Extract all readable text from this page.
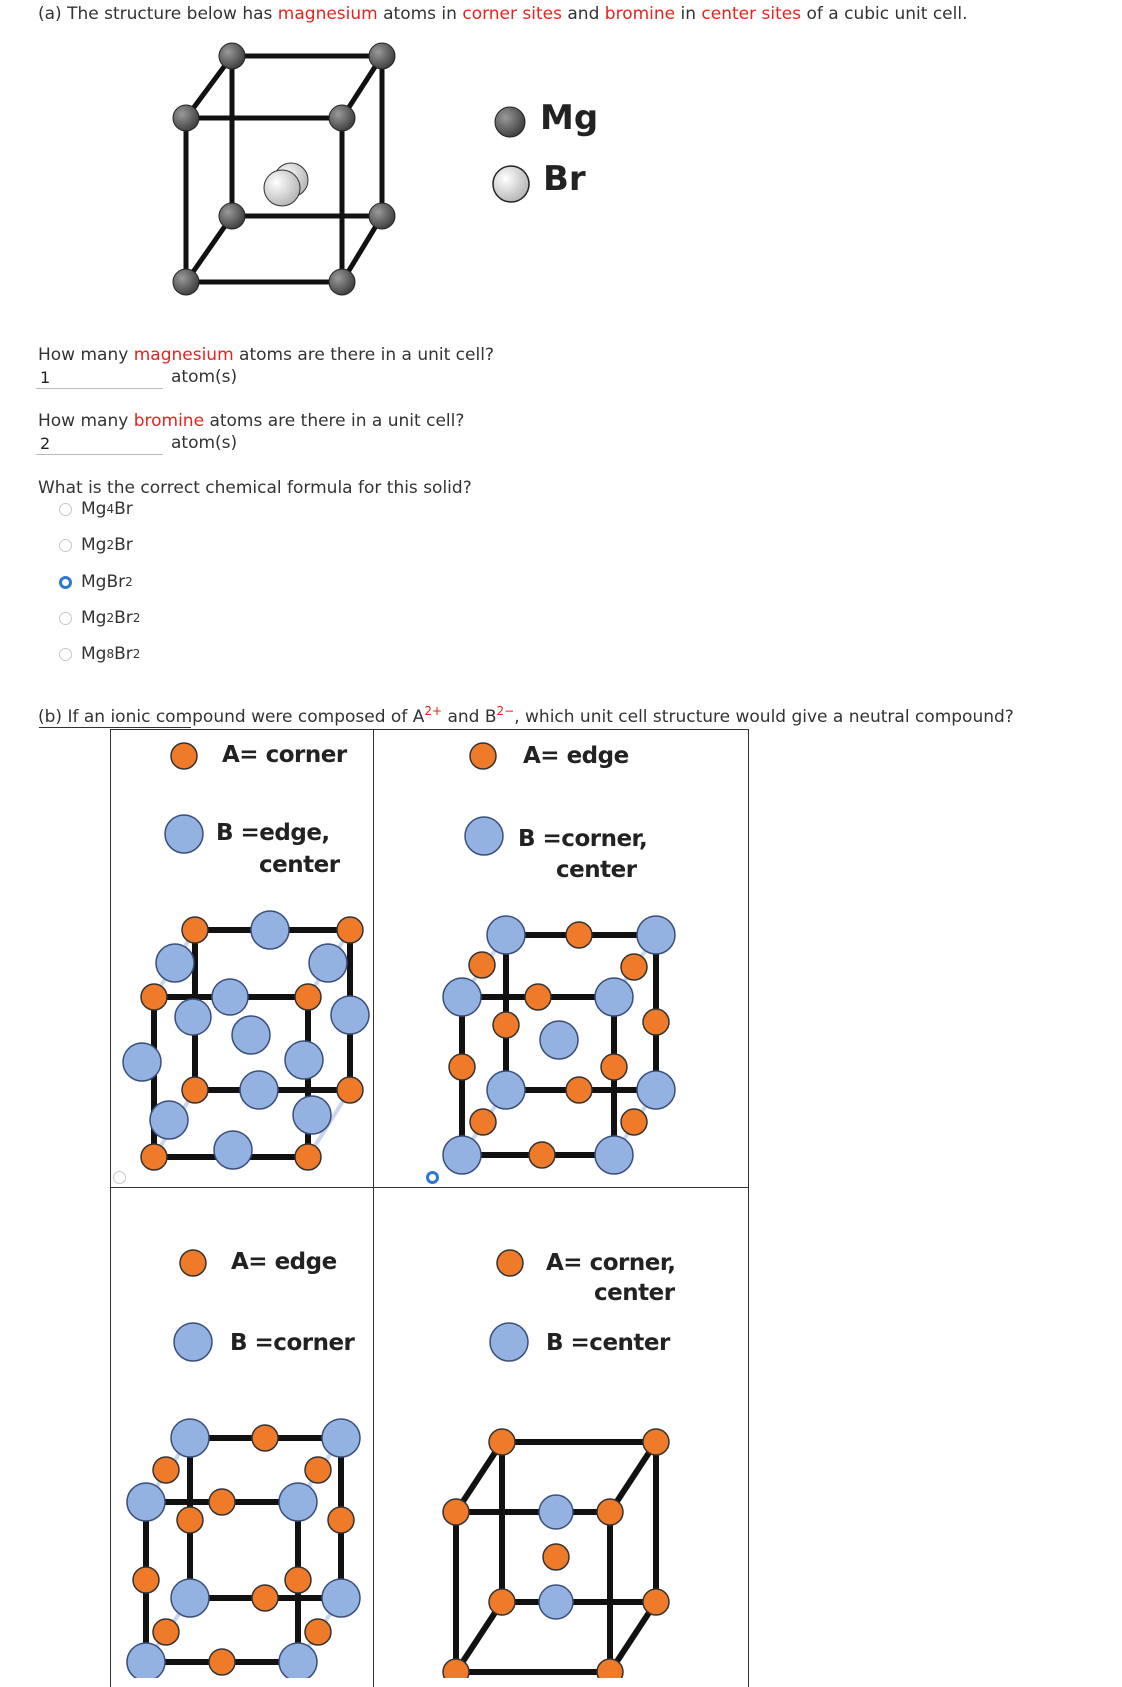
(a) The structure below has magnesium atoms in corner sites and bromine in center sites of a cubic unit cell.
Mg
Br
How many magnesium atoms are there in a unit cell?
1
atom(s)
How many bromine atoms are there in a unit cell?
2
atom(s)
What is the correct chemical formula for this solid?
Mg 4 Br
Mg 2 Br
Mg Br 2
Mg 2 Br 2
Mg 8 Br 2
(b) If an ionic compound were composed of $A^{2+}$ and $B^{2-}$, which unit cell structure would give a neutral compound?
A= corner
B =edge,
center
A= edge
B =corner,
center
A= edge
B =corner
A= corner,
center
B =center
